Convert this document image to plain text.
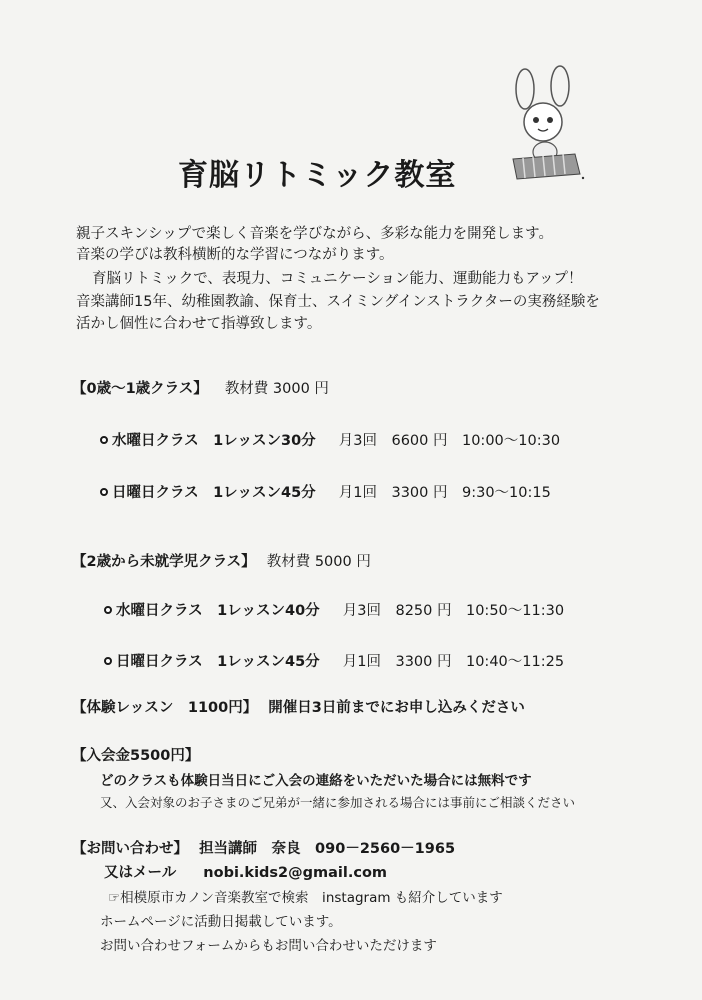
育脳リトミック教室
親子スキンシップで楽しく音楽を学びながら、多彩な能力を開発します。
音楽の学びは教科横断的な学習につながります。
育脳リトミックで、表現力、コミュニケーション能力、運動能力もアップ！
音楽講師15年、幼稚園教諭、保育士、スイミングインストラクターの実務経験を
活かし個性に合わせて指導致します。
【0歳～1歳クラス】 教材費 3000 円
水曜日クラス　1レッスン30分 月3回　6600 円　10:00～10:30
日曜日クラス　1レッスン45分 月1回　3300 円　9:30～10:15
【2歳から未就学児クラス】 教材費 5000 円
水曜日クラス　1レッスン40分 月3回　8250 円　10:50～11:30
日曜日クラス　1レッスン45分 月1回　3300 円　10:40～11:25
【体験レッスン　1100円】 開催日3日前までにお申し込みください
【入会金5500円】
どのクラスも体験日当日にご入会の連絡をいただいた場合には無料です
又、入会対象のお子さまのご兄弟が一緒に参加される場合には事前にご相談ください
【お問い合わせ】 担当講師　奈良　090－2560－1965
又はメール nobi.kids2@gmail.com
☞相模原市カノン音楽教室で検索　instagram も紹介しています
ホームページに活動日掲載しています。
お問い合わせフォームからもお問い合わせいただけます
